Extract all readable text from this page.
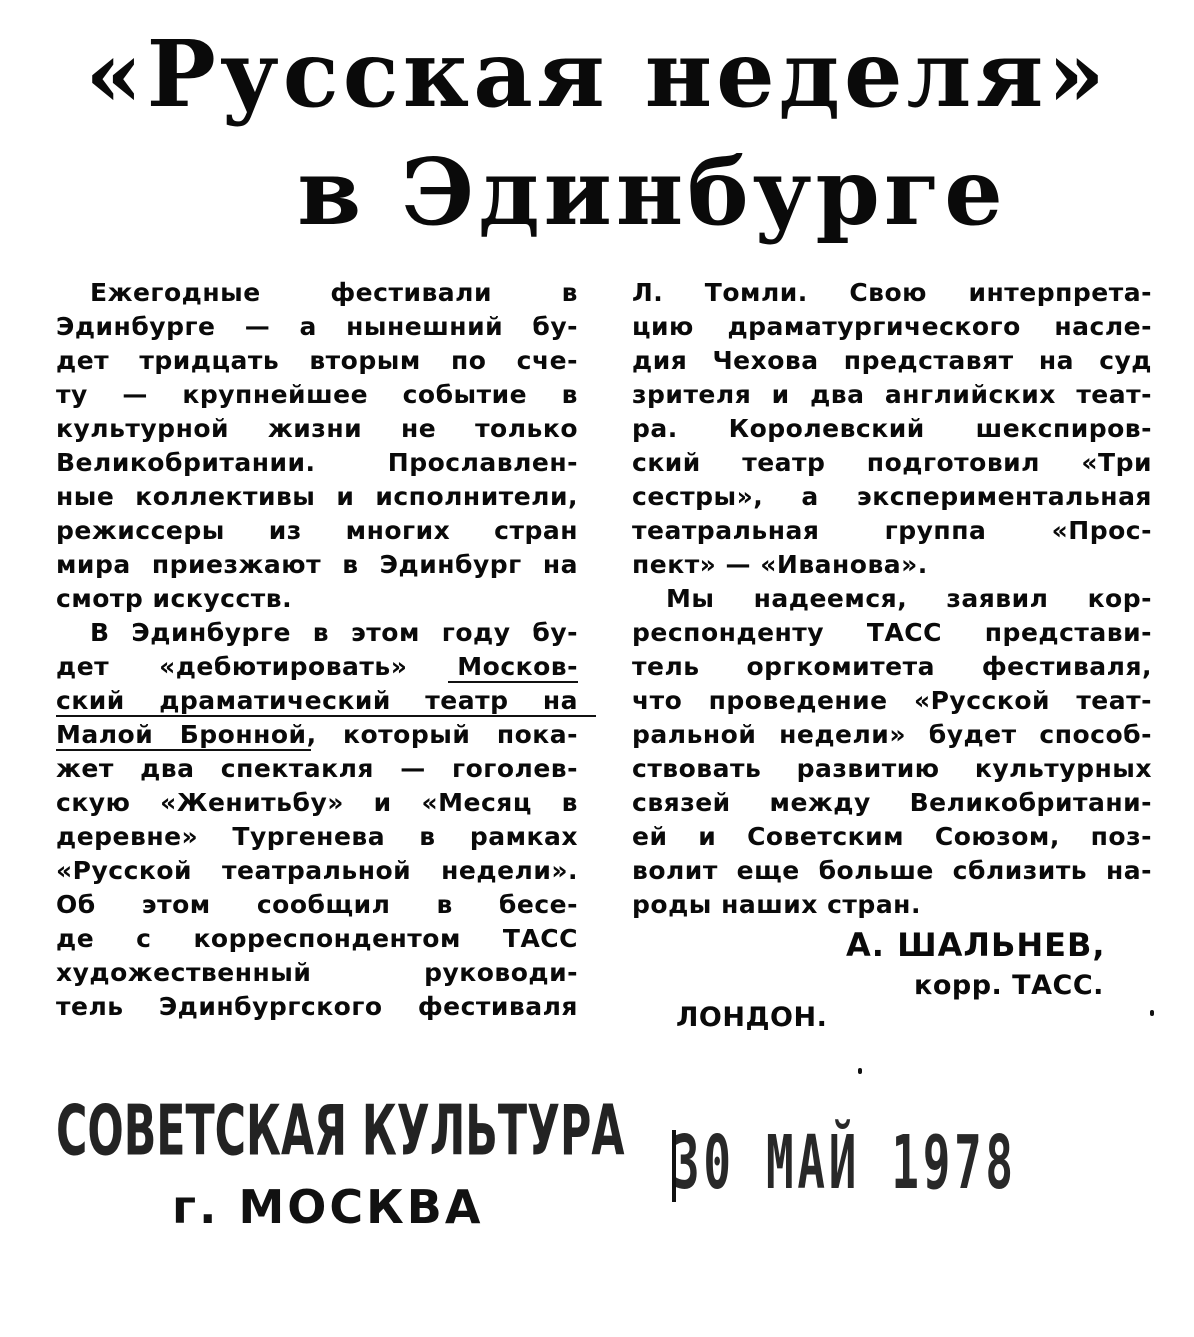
«Русская неделя»
в Эдинбурге
Ежегодные фестивали в
Эдинбурге — а нынешний бу-
дет тридцать вторым по сче-
ту — крупнейшее событие в
культурной жизни не только
Великобритании. Прославлен-
ные коллективы и исполнители,
режиссеры из многих стран
мира приезжают в Эдинбург на
смотр искусств.
В Эдинбурге в этом году бу-
дет «дебютировать» Москов-
ский драматический театр на
Малой Бронной, который пока-
жет два спектакля — гоголев-
скую «Женитьбу» и «Месяц в
деревне» Тургенева в рамках
«Русской театральной недели».
Об этом сообщил в бесе-
де с корреспондентом ТАСС
художественный руководи-
тель Эдинбургского фестиваля
Л. Томли. Свою интерпрета-
цию драматургического насле-
дия Чехова представят на суд
зрителя и два английских теат-
ра. Королевский шекспиров-
ский театр подготовил «Три
сестры», а экспериментальная
театральная группа «Прос-
пект» — «Иванова».
Мы надеемся, заявил кор-
респонденту ТАСС представи-
тель оргкомитета фестиваля,
что проведение «Русской теат-
ральной недели» будет способ-
ствовать развитию культурных
связей между Великобритани-
ей и Советским Союзом, поз-
волит еще больше сблизить на-
роды наших стран.
А. ШАЛЬНЕВ,
корр. ТАСС.
ЛОНДОН.
СОВЕТСКАЯ КУЛЬТУРА
г. МОСКВА
30 МАЙ 1978
